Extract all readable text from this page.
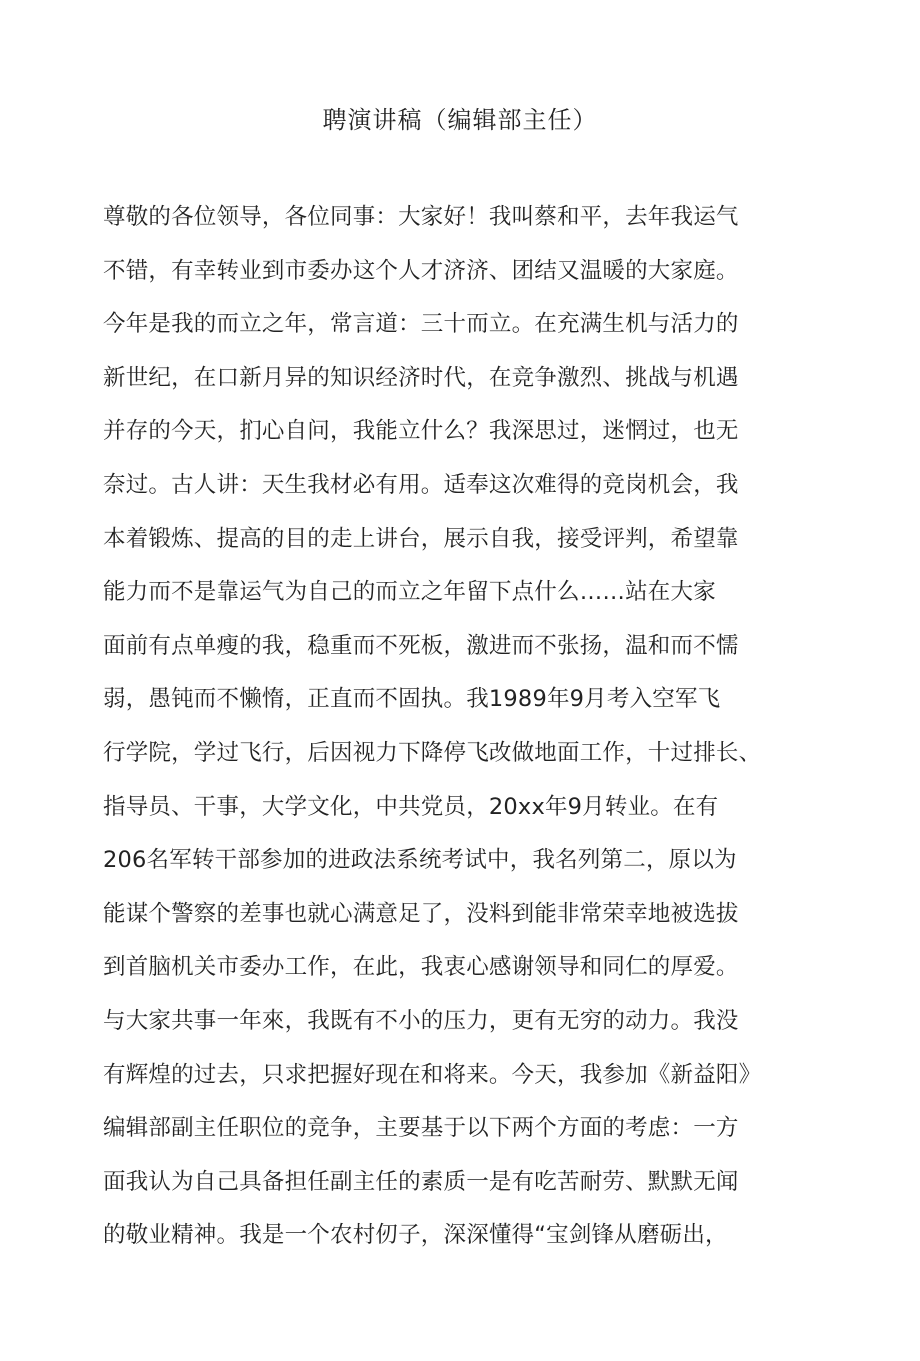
聘演讲稿（编辑部主任）
尊敬的各位领导，各位同事：大家好！我叫蔡和平，去年我运气
不错，有幸转业到市委办这个人才济济、团结又温暖的大家庭。
今年是我的而立之年，常言道：三十而立。在充满生机与活力的
新世纪，在口新月异的知识经济时代，在竞争激烈、挑战与机遇
并存的今天，扪心自问，我能立什么？我深思过，迷惘过，也无
奈过。古人讲：天生我材必有用。适奉这次难得的竞岗机会，我
本着锻炼、提高的目的走上讲台，展示自我，接受评判，希望靠
能力而不是靠运气为自己的而立之年留下点什么……站在大家
面前有点单瘦的我，稳重而不死板，激进而不张扬，温和而不懦
弱，愚钝而不懒惰，正直而不固执。我1989年9月考入空军飞
行学院，学过飞行，后因视力下降停飞改做地面工作，十过排长、
指导员、干事，大学文化，中共党员，20xx年9月转业。在有
206名军转干部参加的进政法系统考试中，我名列第二，原以为
能谋个警察的差事也就心满意足了，没料到能非常荣幸地被选拔
到首脑机关市委办工作，在此，我衷心感谢领导和同仁的厚爱。
与大家共事一年來，我既有不小的压力，更有无穷的动力。我没
有辉煌的过去，只求把握好现在和将来。今天，我参加《新益阳》
编辑部副主任职位的竞争，主要基于以下两个方面的考虑：一方
面我认为自己具备担任副主任的素质一是有吃苦耐劳、默默无闻
的敬业精神。我是一个农村仞子，深深懂得“宝剑锋从磨砺出，
